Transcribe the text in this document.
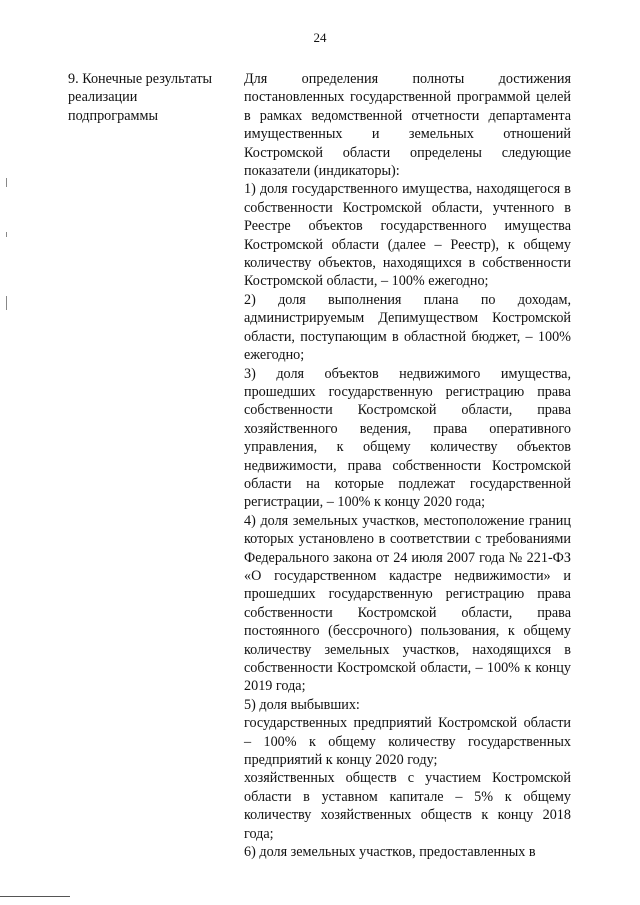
24
9. Конечные результаты
реализации
подпрограммы

Для определения полноты достижения постановленных государственной программой целей в рамках ведомственной отчетности департамента имущественных и земельных отношений Костромской области определены следующие показатели (индикаторы):

1) доля государственного имущества, находящегося в собственности Костромской области, учтенного в Реестре объектов государственного имущества Костромской области (далее – Реестр), к общему количеству объектов, находящихся в собственности Костромской области, – 100% ежегодно;

2) доля выполнения плана по доходам, администрируемым Депимуществом Костромской области, поступающим в областной бюджет, – 100% ежегодно;

3) доля объектов недвижимого имущества, прошедших государственную регистрацию права собственности Костромской области, права хозяйственного ведения, права оперативного управления, к общему количеству объектов недвижимости, права собственности Костромской области на которые подлежат государственной регистрации, – 100% к концу 2020 года;

4) доля земельных участков, местоположение границ которых установлено в соответствии с требованиями Федерального закона от 24 июля 2007 года № 221-ФЗ «О государственном кадастре недвижимости» и прошедших государственную регистрацию права собственности Костромской области, права постоянного (бессрочного) пользования, к общему количеству земельных участков, находящихся в собственности Костромской области, – 100% к концу 2019 года;

5) доля выбывших:

государственных предприятий Костромской области – 100% к общему количеству государственных предприятий к концу 2020 году;

хозяйственных обществ с участием Костромской области в уставном капитале – 5% к общему количеству хозяйственных обществ к концу 2018 года;

6) доля земельных участков, предоставленных в
